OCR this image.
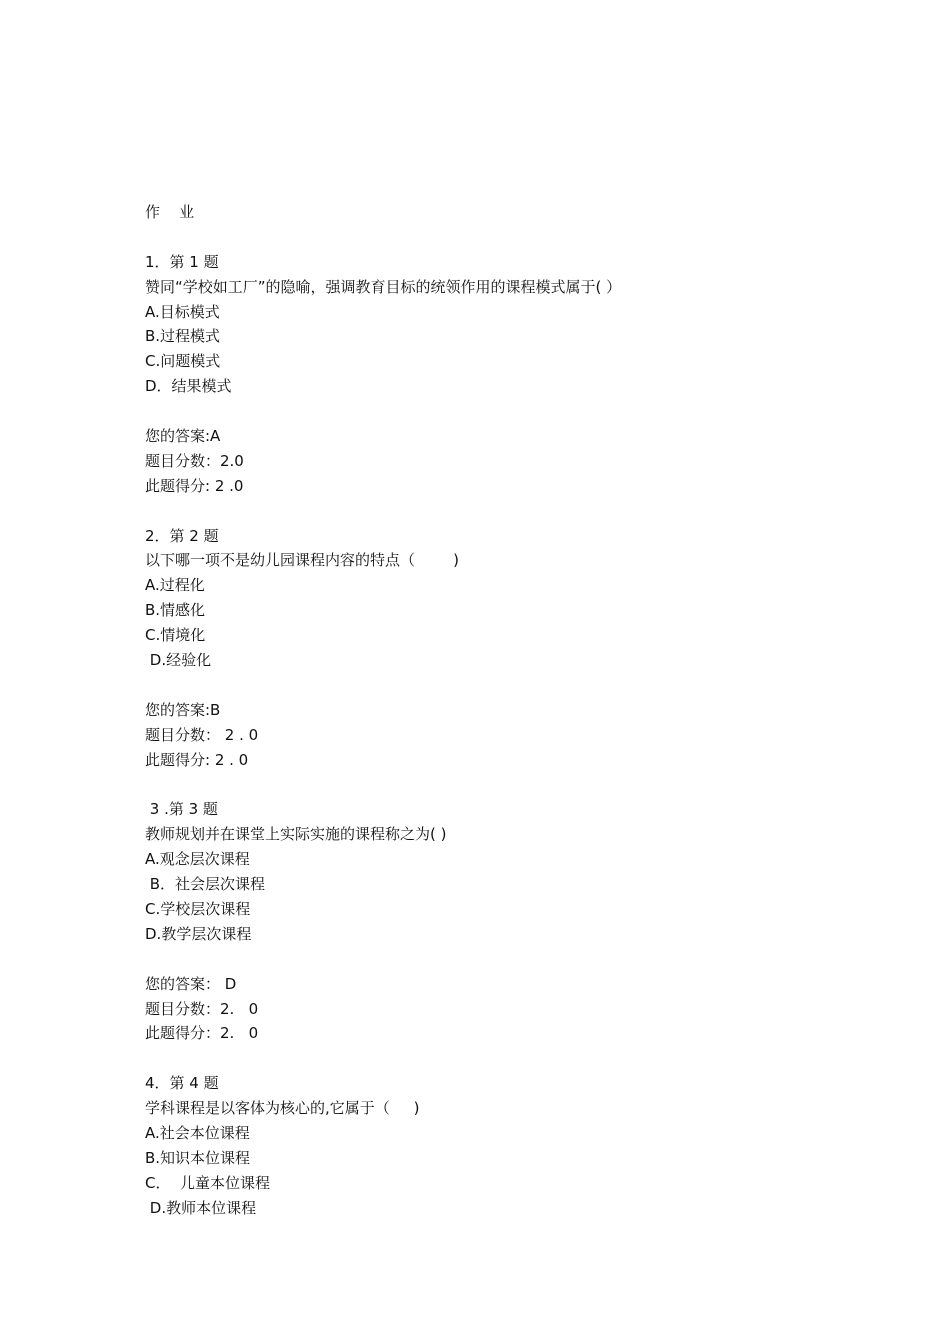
作    业
1．第 1 题
赞同“学校如工厂”的隐喻，强调教育目标的统领作用的课程模式属于( ）
A.目标模式
B.过程模式
C.问题模式
D．结果模式
您的答案:A
题目分数：2.0
此题得分: 2 .0
2．第 2 题
以下哪一项不是幼儿园课程内容的特点（        )
A.过程化
B.情感化
C.情境化
D.经验化
您的答案:B
题目分数： 2 . 0
此题得分: 2 . 0
3 .第 3 题
教师规划并在课堂上实际实施的课程称之为( )
A.观念层次课程
B．社会层次课程
C.学校层次课程
D.教学层次课程
您的答案： D
题目分数：2.   0
此题得分：2.   0
4．第 4 题
学科课程是以客体为核心的,它属于（     )
A.社会本位课程
B.知识本位课程
C．  儿童本位课程
D.教师本位课程
